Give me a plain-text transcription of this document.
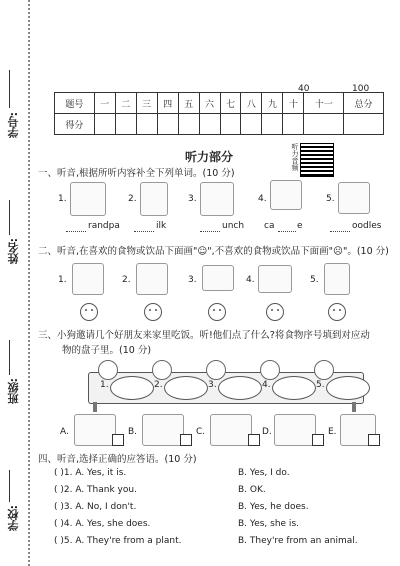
学号:
姓名:
班级:
学校:
40	100
题号	一	二	三	四	五	六	七	八	九	十	十一	总分
得分												
听力部分	听力音频
一、听音,根据所听内容补全下列单词。(10 分)
1.	2.	3.	4.	5.
randpa	ilk	unch ca	e	oodles
二、听音,在喜欢的食物或饮品下面画"☺",不喜欢的食物或饮品下面画"☹"。(10 分)
1.	2.	3.	4.	5.
三、小狗邀请几个好朋友来家里吃饭。听!他们点了什么?将食物序号填到对应动
物的盘子里。(10 分)
1.	2.	3.	4.	5.
A.	B.	C.	D.	E.
四、听音,选择正确的应答语。(10 分)
( )1. A. Yes, it is.	B. Yes, I do.
( )2. A. Thank you.	B. OK.
( )3. A. No, I don't.	B. Yes, he does.
( )4. A. Yes, she does.	B. Yes, she is.
( )5. A. They're from a plant.	B. They're from an animal.
